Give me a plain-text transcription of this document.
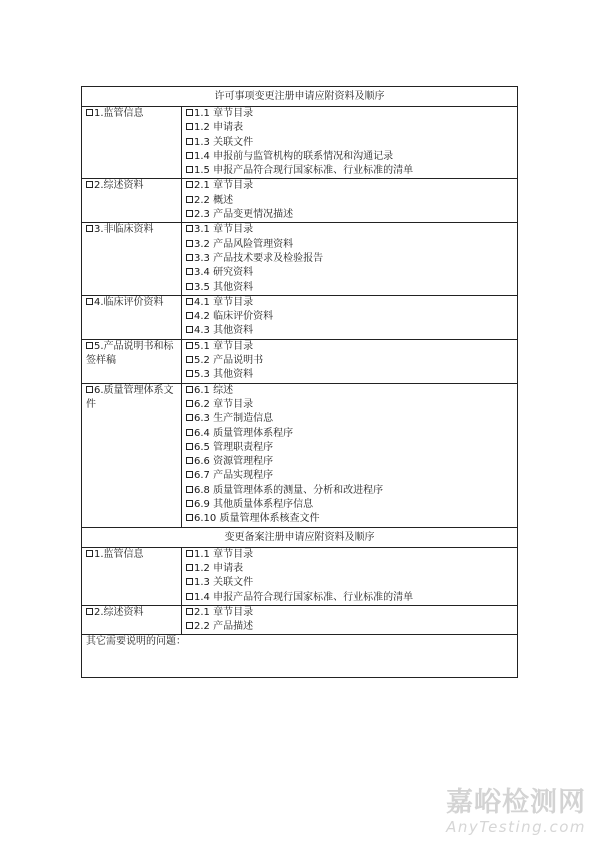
许可事项变更注册申请应附资料及顺序	
1.监管信息	1.1 章节目录
1.2 申请表
1.3 关联文件
1.4 申报前与监管机构的联系情况和沟通记录
1.5 申报产品符合现行国家标准、行业标准的清单

2.综述资料	2.1 章节目录
2.2 概述
2.3 产品变更情况描述

3.非临床资料	3.1 章节目录
3.2 产品风险管理资料
3.3 产品技术要求及检验报告
3.4 研究资料
3.5 其他资料

4.临床评价资料	4.1 章节目录
4.2 临床评价资料
4.3 其他资料

5.产品说明书和标签样稿	5.1 章节目录
5.2 产品说明书
5.3 其他资料

6.质量管理体系文件	
6.1 综述
6.2 章节目录
6.3 生产制造信息
6.4 质量管理体系程序
6.5 管理职责程序
6.6 资源管理程序
6.7 产品实现程序
6.8 质量管理体系的测量、分析和改进程序
6.9 其他质量体系程序信息
6.10 质量管理体系核查文件

变更备案注册申请应附资料及顺序	
1.监管信息	1.1 章节目录
1.2 申请表
1.3 关联文件
1.4 申报产品符合现行国家标准、行业标准的清单

2.综述资料	2.1 章节目录
2.2 产品描述

其它需要说明的问题：	
嘉峪检测网
AnyTesting.com
